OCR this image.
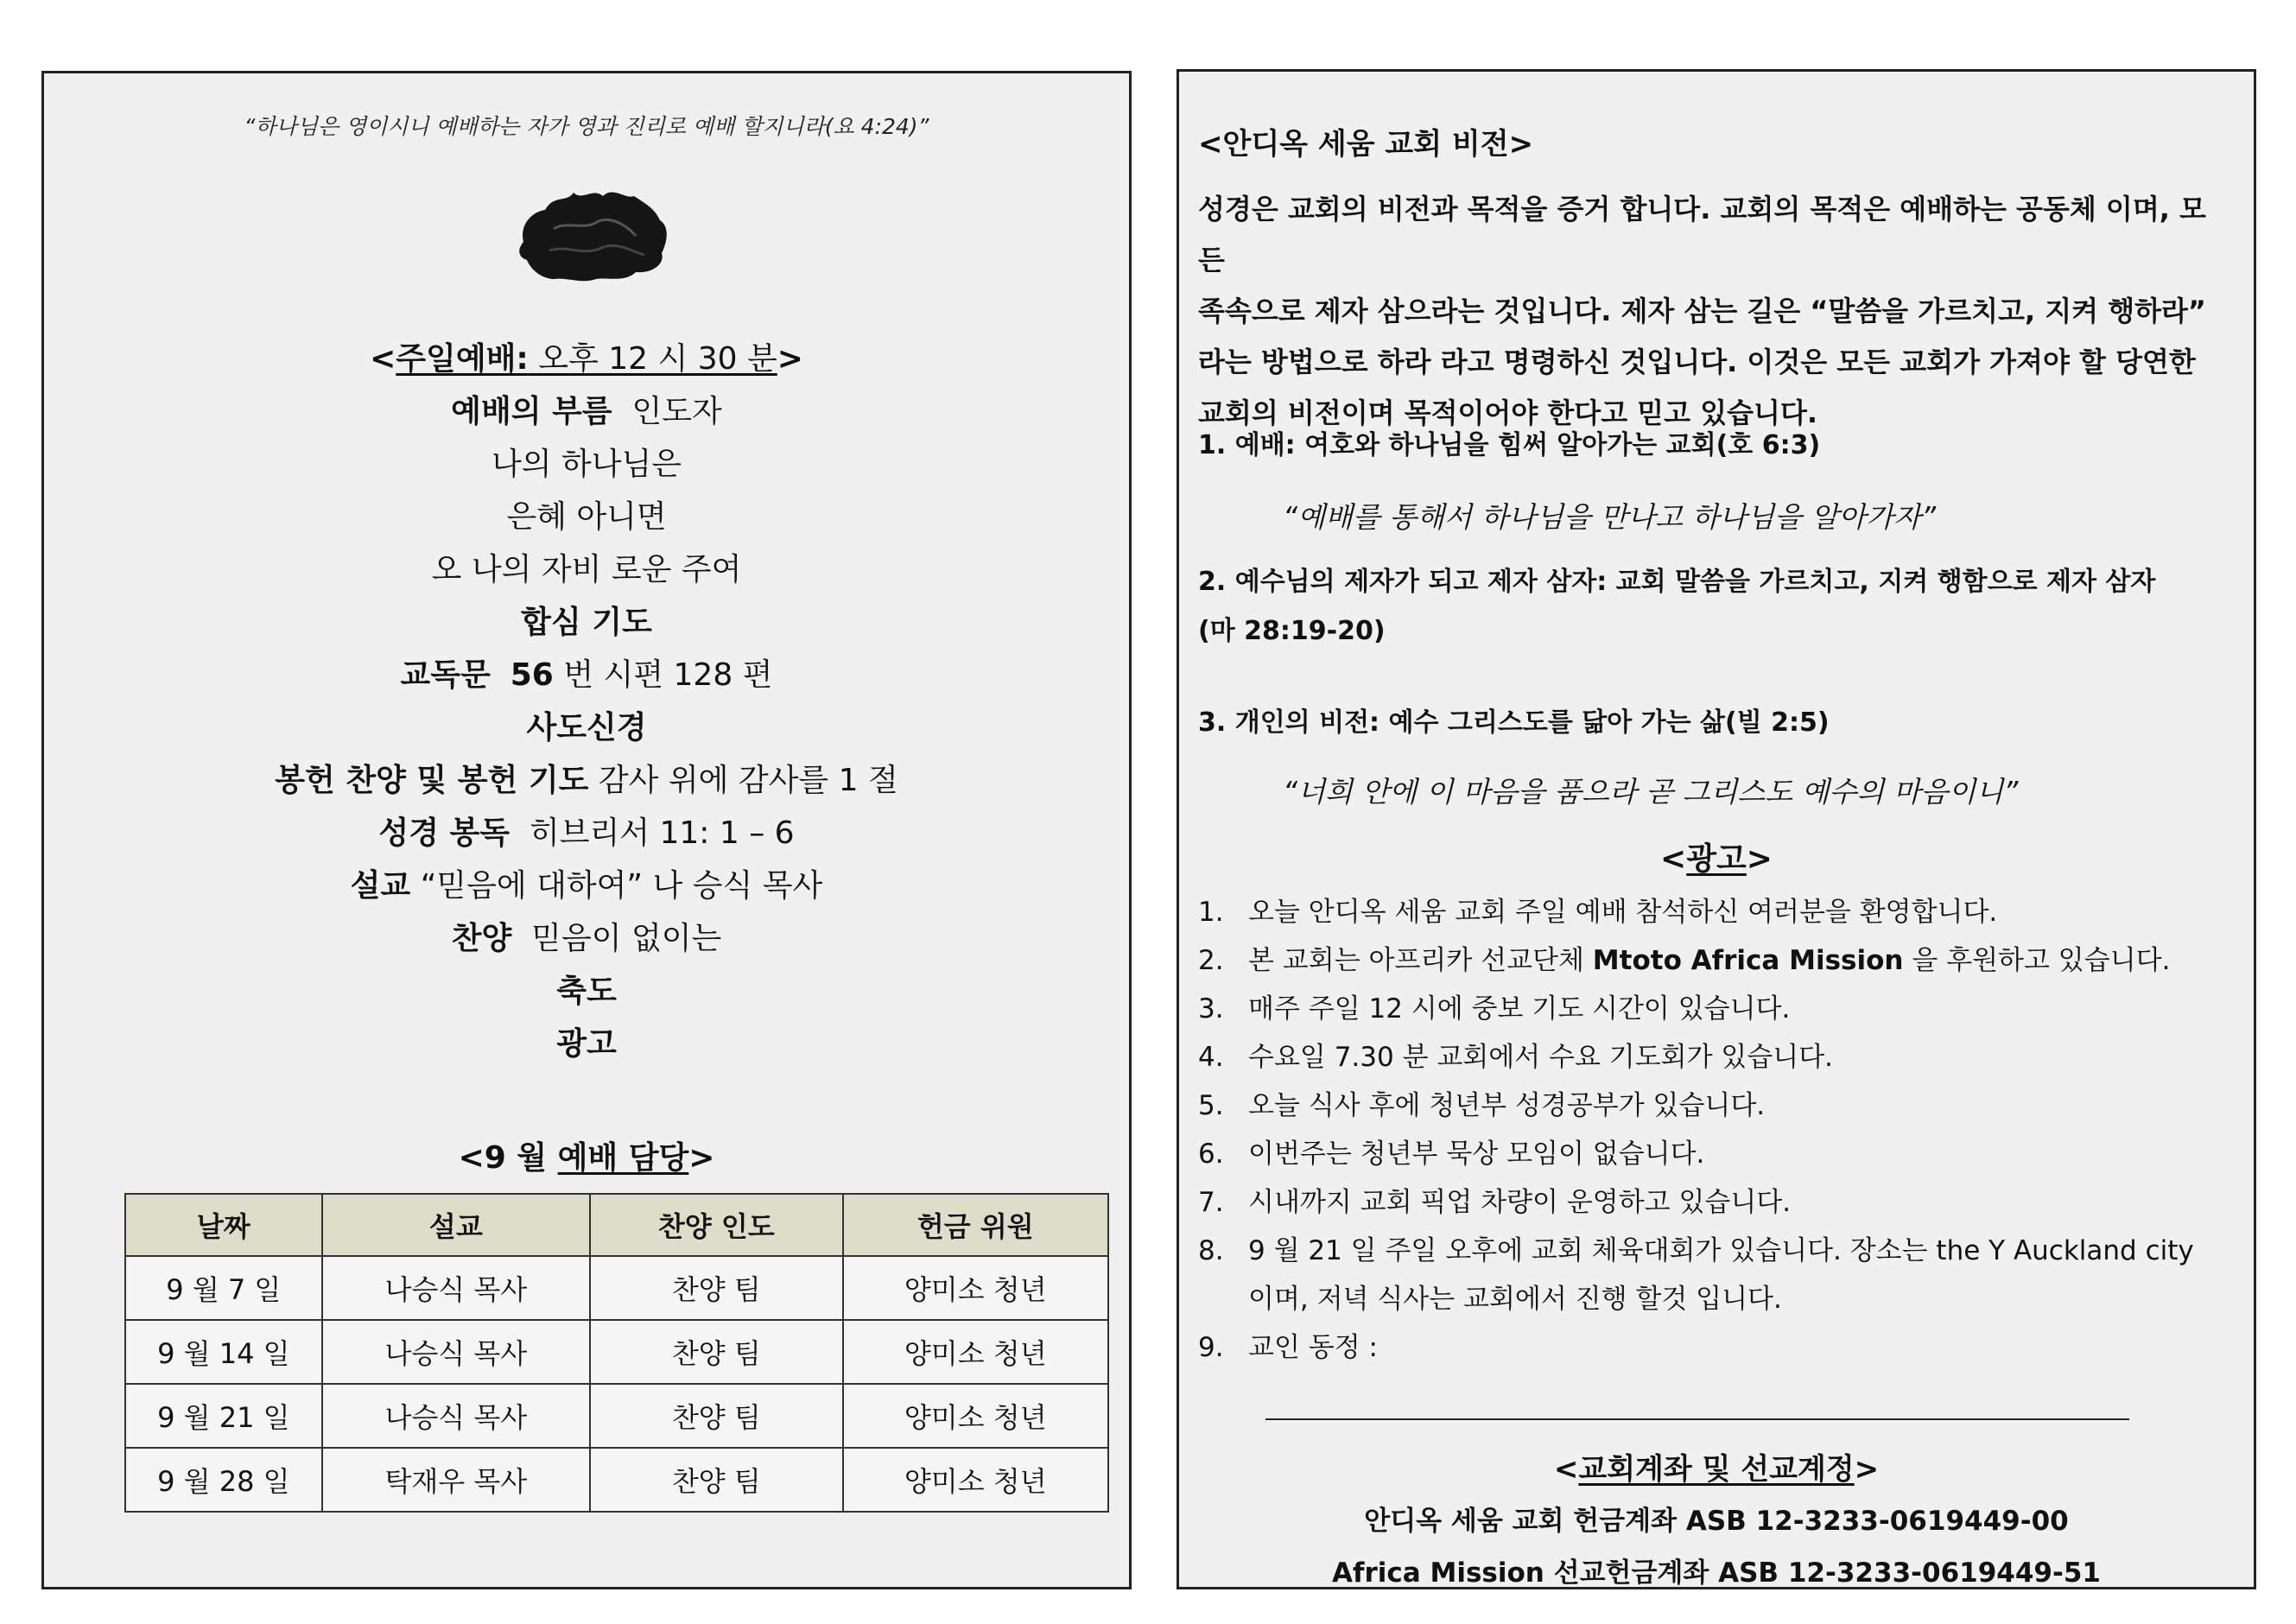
“하나님은 영이시니 예배하는 자가 영과 진리로 예배 할지니라(요 4:24)”
<주일예배: 오후 12 시 30 분>
예배의 부름 인도자
나의 하나님은
은혜 아니면
오 나의 자비 로운 주여
합심 기도
교독문 56 번 시편 128 편
사도신경
봉헌 찬양 및 봉헌 기도 감사 위에 감사를 1 절
성경 봉독 히브리서 11: 1 – 6
설교 “믿음에 대하여” 나 승식 목사
찬양 믿음이 없이는
축도
광고
<9 월 예배 담당>
날짜	설교	찬양 인도	헌금 위원
9 월 7 일	나승식 목사	찬양 팀	양미소 청년
9 월 14 일	나승식 목사	찬양 팀	양미소 청년
9 월 21 일	나승식 목사	찬양 팀	양미소 청년
9 월 28 일	탁재우 목사	찬양 팀	양미소 청년
<안디옥 세움 교회 비전>
성경은 교회의 비전과 목적을 증거 합니다. 교회의 목적은 예배하는 공동체 이며, 모든
족속으로 제자 삼으라는 것입니다. 제자 삼는 길은 “말씀을 가르치고, 지켜 행하라”
라는 방법으로 하라 라고 명령하신 것입니다. 이것은 모든 교회가 가져야 할 당연한
교회의 비전이며 목적이어야 한다고 믿고 있습니다.
1. 예배: 여호와 하나님을 힘써 알아가는 교회(호 6:3)
“예배를 통해서 하나님을 만나고 하나님을 알아가자”
2. 예수님의 제자가 되고 제자 삼자: 교회 말씀을 가르치고, 지켜 행함으로 제자 삼자
(마 28:19-20)
3. 개인의 비전: 예수 그리스도를 닮아 가는 삶(빌 2:5)
“너희 안에 이 마음을 품으라 곧 그리스도 예수의 마음이니”
<광고>
1. 오늘 안디옥 세움 교회 주일 예배 참석하신 여러분을 환영합니다.
2. 본 교회는 아프리카 선교단체 Mtoto Africa Mission 을 후원하고 있습니다.
3. 매주 주일 12 시에 중보 기도 시간이 있습니다.
4. 수요일 7.30 분 교회에서 수요 기도회가 있습니다.
5. 오늘 식사 후에 청년부 성경공부가 있습니다.
6. 이번주는 청년부 묵상 모임이 없습니다.
7. 시내까지 교회 픽업 차량이 운영하고 있습니다.
8. 9 월 21 일 주일 오후에 교회 체육대회가 있습니다. 장소는 the Y Auckland city
이며, 저녁 식사는 교회에서 진행 할것 입니다.
9. 교인 동정 :
<교회계좌 및 선교계정>
안디옥 세움 교회 헌금계좌 ASB 12-3233-0619449-00
Africa Mission 선교헌금계좌 ASB 12-3233-0619449-51
